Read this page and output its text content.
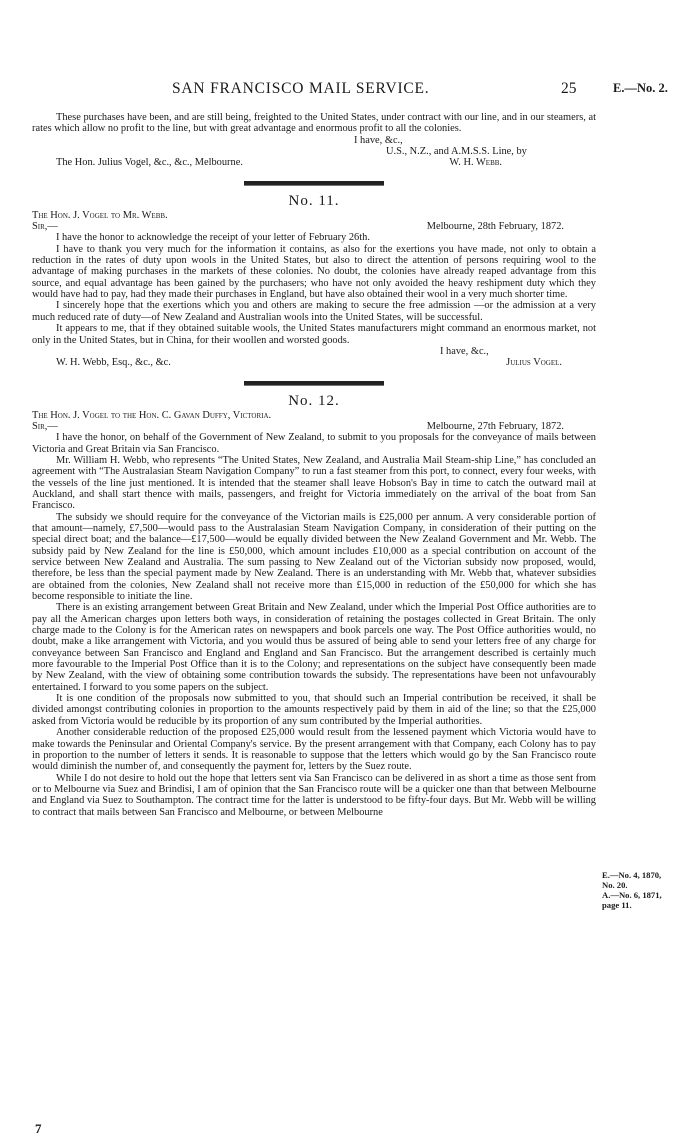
SAN FRANCISCO MAIL SERVICE.	25	E.—No. 2.

These purchases have been, and are still being, freighted to the United States, under contract with our line, and in our steamers, at rates which allow no profit to the line, but with great advantage and enormous profit to all the colonies.

I have, &c.,

U.S., N.Z., and A.M.S.S. Line, by

The Hon. Julius Vogel, &c., &c., Melbourne.	W. H. Webb.
No. 11.

The Hon. J. Vogel to Mr. Webb.

Sir,—	Melbourne, 28th February, 1872.

I have the honor to acknowledge the receipt of your letter of February 26th.

I have to thank you very much for the information it contains, as also for the exertions you have made, not only to obtain a reduction in the rates of duty upon wools in the United States, but also to direct the attention of persons requiring wool to the advantage of making purchases in the markets of these colonies. No doubt, the colonies have already reaped advantage from this source, and equal advantage has been gained by the purchasers; who have not only avoided the heavy reshipment duty which they would have had to pay, had they made their purchases in England, but have also obtained their wool in a very much shorter time.

I sincerely hope that the exertions which you and others are making to secure the free admission —or the admission at a very much reduced rate of duty—of New Zealand and Australian wools into the United States, will be successful.

It appears to me, that if they obtained suitable wools, the United States manufacturers might command an enormous market, not only in the United States, but in China, for their woollen and worsted goods.

I have, &c.,

W. H. Webb, Esq., &c., &c.	Julius Vogel.
No. 12.

The Hon. J. Vogel to the Hon. C. Gavan Duffy, Victoria.

Sir,—	Melbourne, 27th February, 1872.

I have the honor, on behalf of the Government of New Zealand, to submit to you proposals for the conveyance of mails between Victoria and Great Britain via San Francisco.

Mr. William H. Webb, who represents “The United States, New Zealand, and Australia Mail Steam-ship Line,” has concluded an agreement with “The Australasian Steam Navigation Company” to run a fast steamer from this port, to connect, every four weeks, with the vessels of the line just mentioned. It is intended that the steamer shall leave Hobson's Bay in time to catch the outward mail at Auckland, and shall start thence with mails, passengers, and freight for Victoria immediately on the arrival of the boat from San Francisco.

The subsidy we should require for the conveyance of the Victorian mails is £25,000 per annum. A very considerable portion of that amount—namely, £7,500—would pass to the Australasian Steam Navigation Company, in consideration of their putting on the special direct boat; and the balance—£17,500—would be equally divided between the New Zealand Government and Mr. Webb. The subsidy paid by New Zealand for the line is £50,000, which amount includes £10,000 as a special contribution on account of the service between New Zealand and Australia. The sum passing to New Zealand out of the Victorian subsidy now proposed, would, therefore, be less than the special payment made by New Zealand. There is an understanding with Mr. Webb that, whatever subsidies are obtained from the colonies, New Zealand shall not receive more than £15,000 in reduction of the £50,000 for which she has become responsible to initiate the line.

There is an existing arrangement between Great Britain and New Zealand, under which the Imperial Post Office authorities are to pay all the American charges upon letters both ways, in consideration of retaining the postages collected in Great Britain. The only charge made to the Colony is for the American rates on newspapers and book parcels one way. The Post Office authorities would, no doubt, make a like arrangement with Victoria, and you would thus be assured of being able to send your letters free of any charge for conveyance between San Francisco and England and England and San Francisco. But the arrangement described is certainly much more favourable to the Imperial Post Office than it is to the Colony; and representations on the subject have consequently been made by New Zealand, with the view of obtaining some contribution towards the subsidy. The representations have been not unfavourably entertained. I forward to you some papers on the subject.

It is one condition of the proposals now submitted to you, that should such an Imperial contribution be received, it shall be divided amongst contributing colonies in proportion to the amounts respectively paid by them in aid of the line; so that the £25,000 asked from Victoria would be reducible by its proportion of any sum contributed by the Imperial authorities.

Another considerable reduction of the proposed £25,000 would result from the lessened payment which Victoria would have to make towards the Peninsular and Oriental Company's service. By the present arrangement with that Company, each Colony has to pay in proportion to the number of letters it sends. It is reasonable to suppose that the letters which would go by the San Francisco route would diminish the number of, and consequently the payment for, letters by the Suez route.

While I do not desire to hold out the hope that letters sent via San Francisco can be delivered in as short a time as those sent from or to Melbourne via Suez and Brindisi, I am of opinion that the San Francisco route will be a quicker one than that between Melbourne and England via Suez to Southampton. The contract time for the latter is understood to be fifty-four days. But Mr. Webb will be willing to contract that mails between San Francisco and Melbourne, or between Melbourne

E.—No. 4, 1870,
No. 20.
A.—No. 6, 1871,
page 11.
7
